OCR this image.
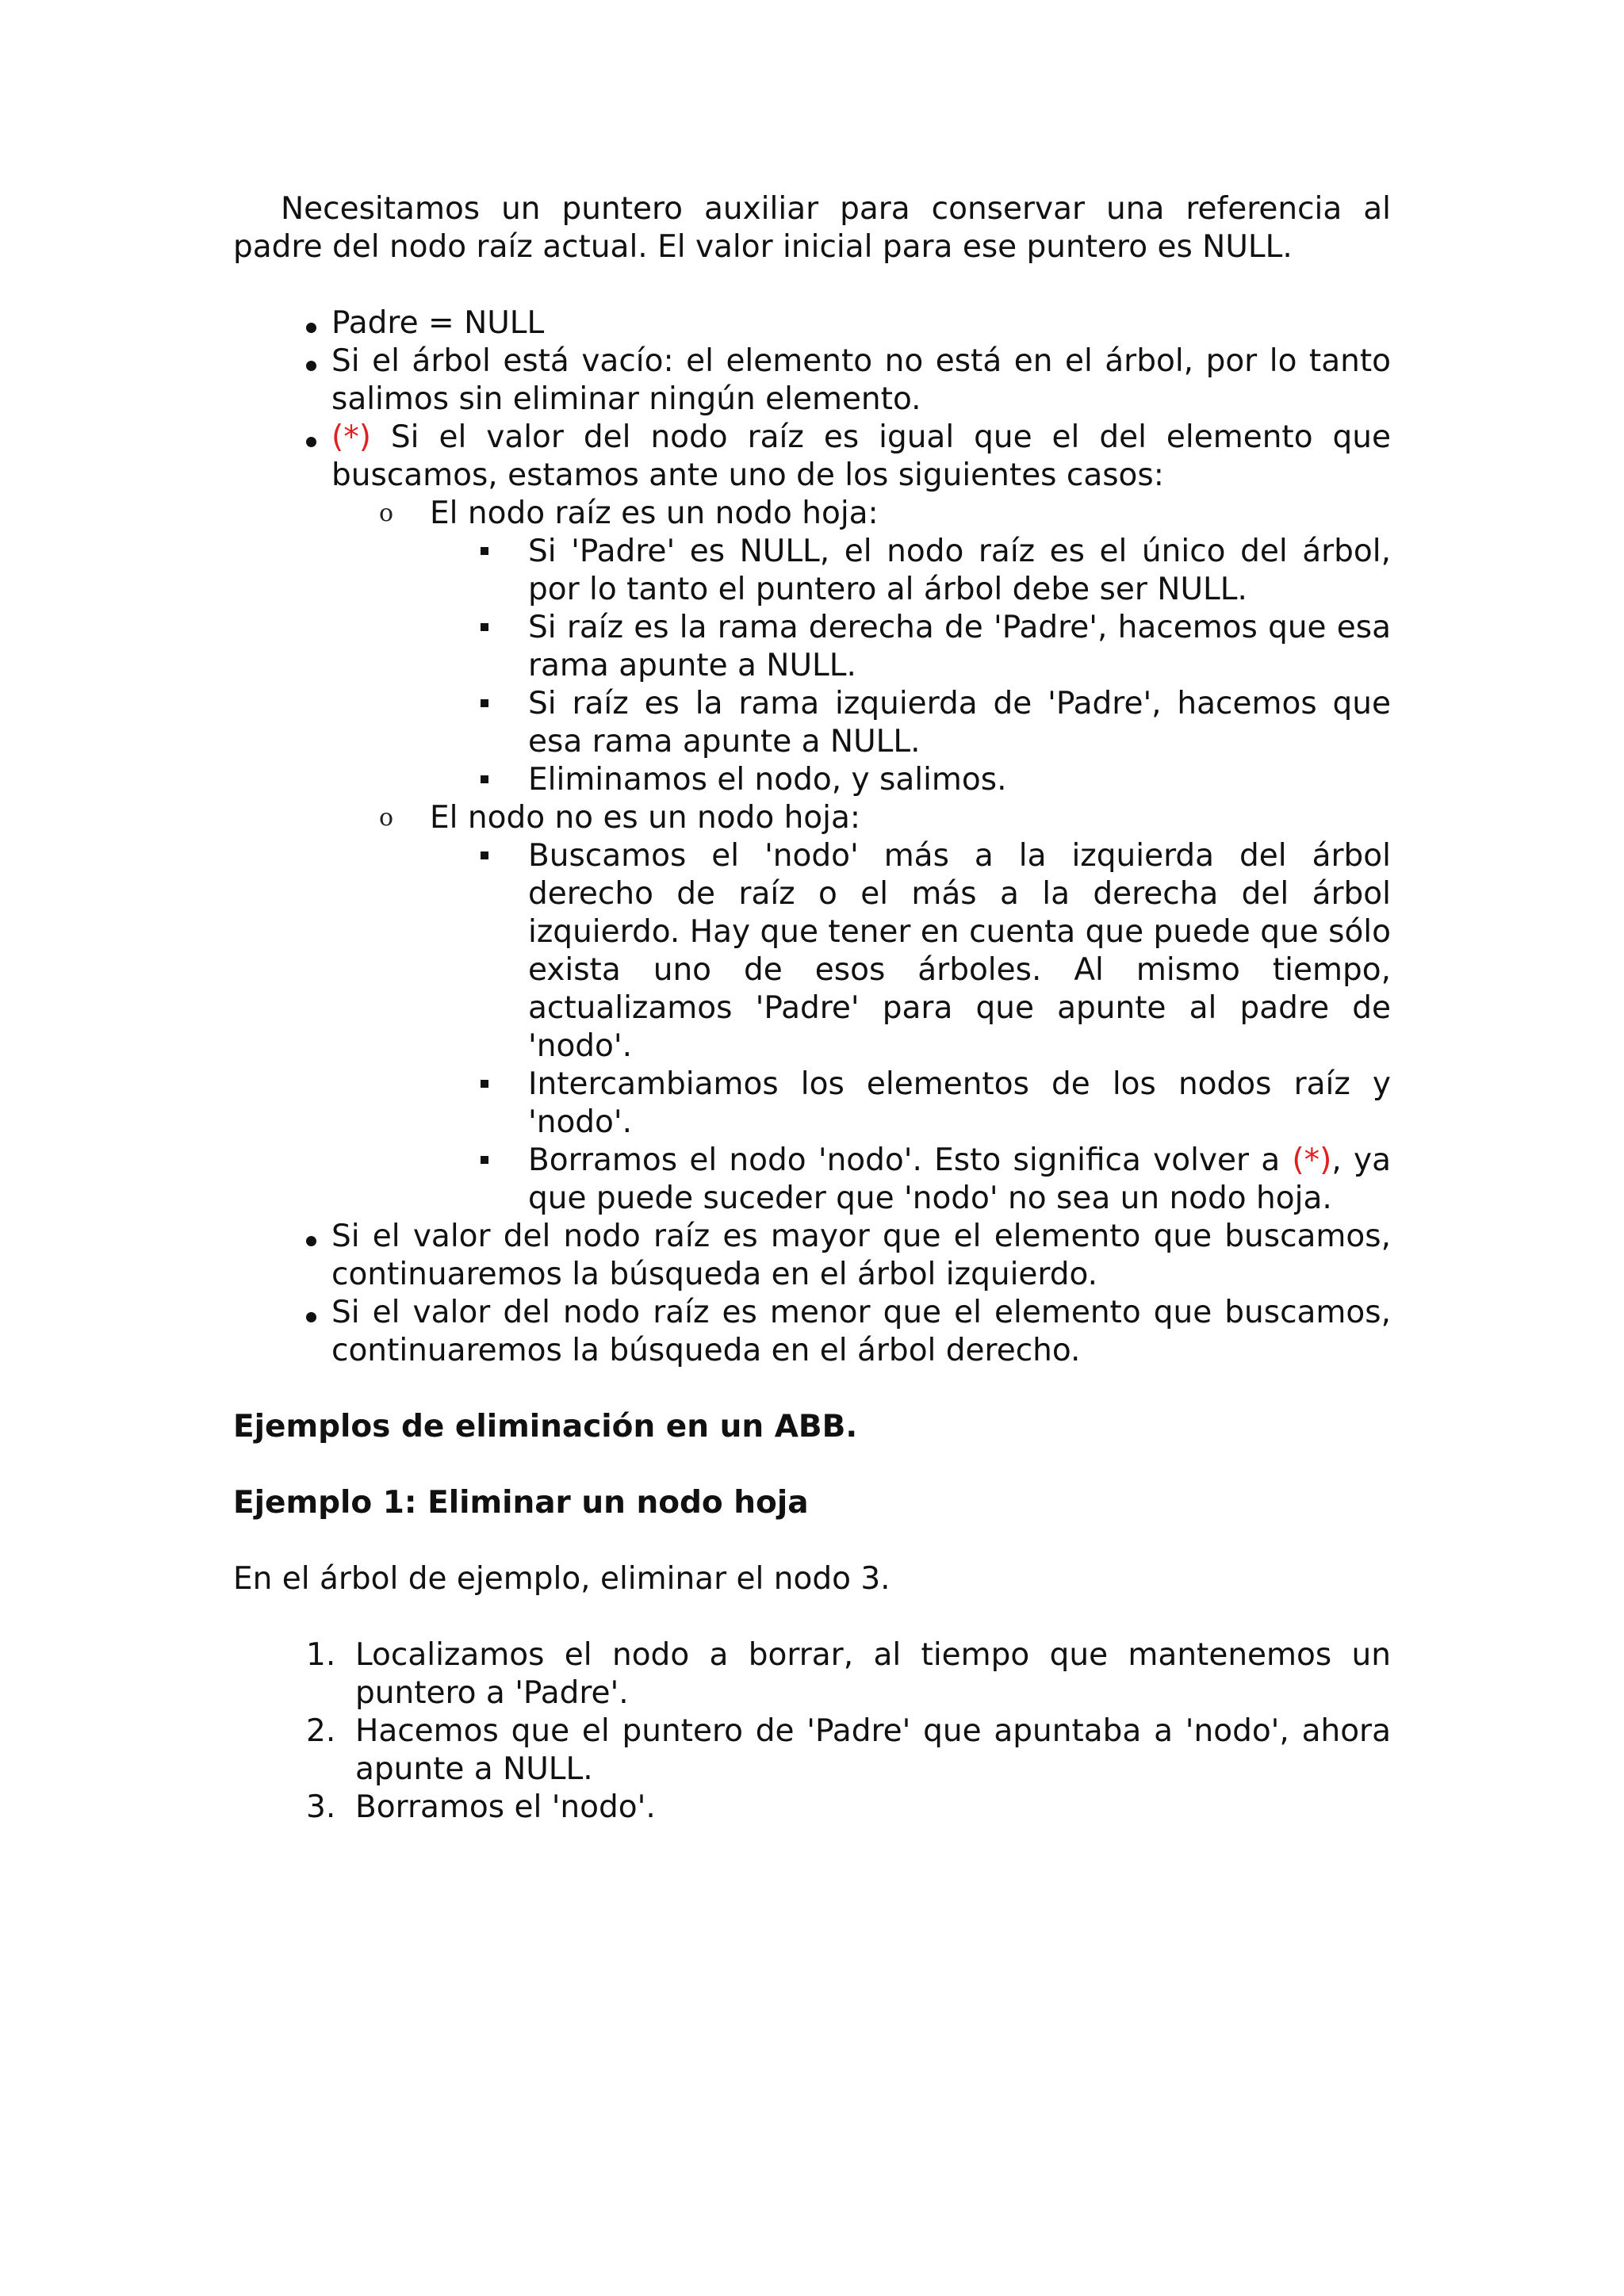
Necesitamos un puntero auxiliar para conservar una referencia al padre del nodo raíz actual. El valor inicial para ese puntero es NULL.

Padre = NULL
Si el árbol está vacío: el elemento no está en el árbol, por lo tanto salimos sin eliminar ningún elemento.
(*) Si el valor del nodo raíz es igual que el del elemento que buscamos, estamos ante uno de los siguientes casos:
o El nodo raíz es un nodo hoja:
Si 'Padre' es NULL, el nodo raíz es el único del árbol, por lo tanto el puntero al árbol debe ser NULL.
Si raíz es la rama derecha de 'Padre', hacemos que esa rama apunte a NULL.
Si raíz es la rama izquierda de 'Padre', hacemos que esa rama apunte a NULL.
Eliminamos el nodo, y salimos.
o El nodo no es un nodo hoja:
Buscamos el 'nodo' más a la izquierda del árbol derecho de raíz o el más a la derecha del árbol izquierdo. Hay que tener en cuenta que puede que sólo exista uno de esos árboles. Al mismo tiempo, actualizamos 'Padre' para que apunte al padre de 'nodo'.
Intercambiamos los elementos de los nodos raíz y 'nodo'.
Borramos el nodo 'nodo'. Esto significa volver a (*), ya que puede suceder que 'nodo' no sea un nodo hoja.
Si el valor del nodo raíz es mayor que el elemento que buscamos, continuaremos la búsqueda en el árbol izquierdo.
Si el valor del nodo raíz es menor que el elemento que buscamos, continuaremos la búsqueda en el árbol derecho.
Ejemplos de eliminación en un ABB.
Ejemplo 1: Eliminar un nodo hoja

En el árbol de ejemplo, eliminar el nodo 3.

1. Localizamos el nodo a borrar, al tiempo que mantenemos un puntero a 'Padre'.
2. Hacemos que el puntero de 'Padre' que apuntaba a 'nodo', ahora apunte a NULL.
3. Borramos el 'nodo'.
